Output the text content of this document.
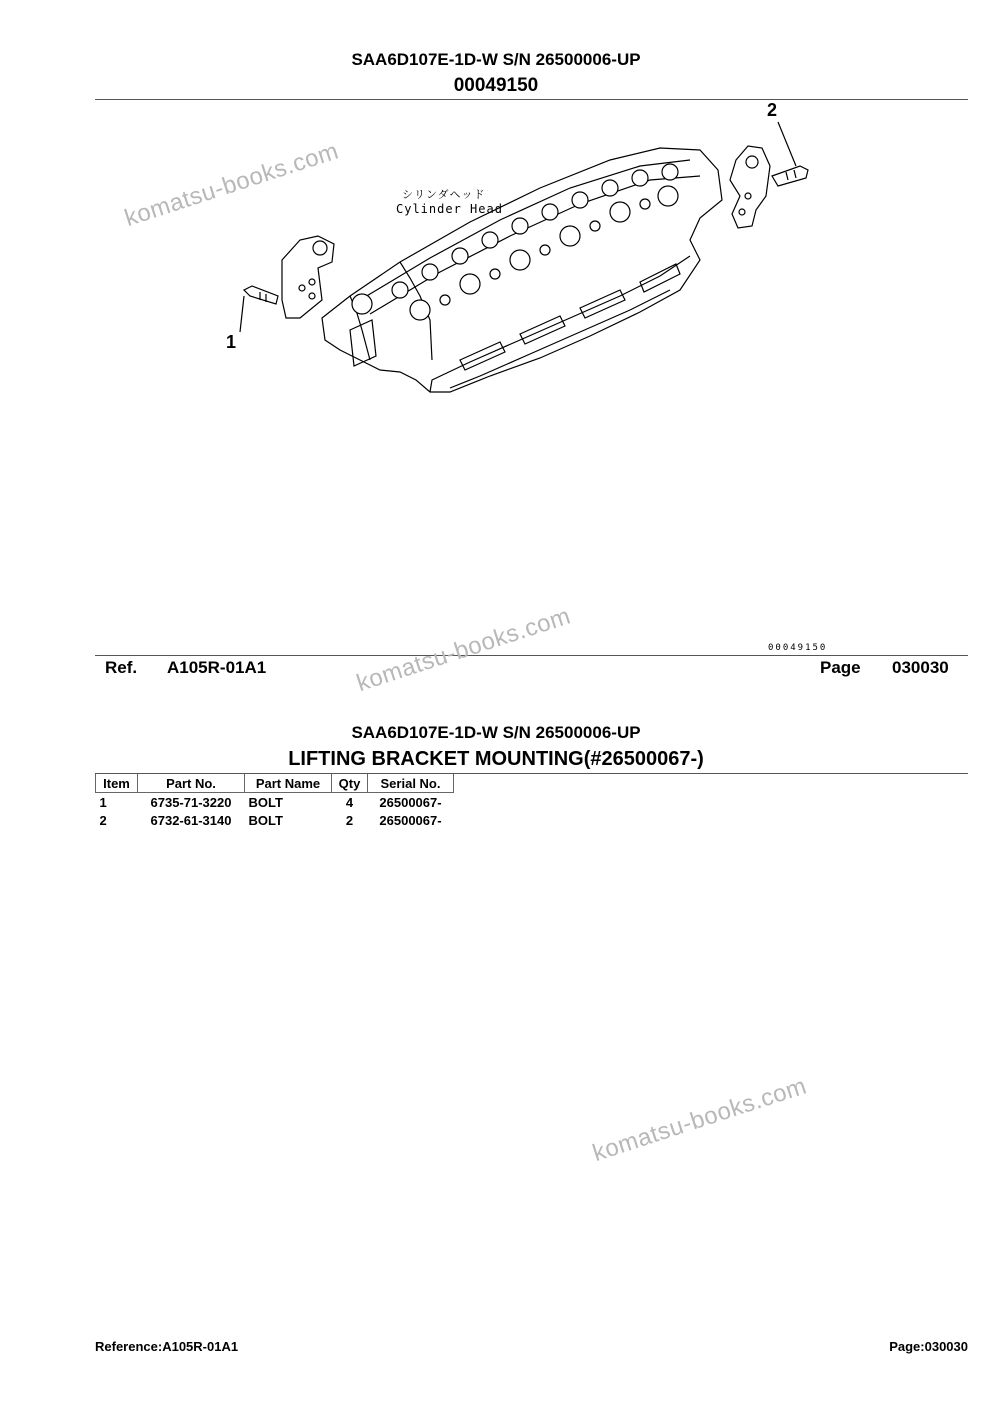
SAA6D107E-1D-W S/N 26500006-UP
00049150
2
1
シリンダヘッド
Cylinder Head
00049150
Ref. A105R-01A1	Page 030030
SAA6D107E-1D-W S/N 26500006-UP
LIFTING BRACKET MOUNTING(#26500067-)
Item	Part No.	Part Name	Qty	Serial No.
1	6735-71-3220	BOLT	4	26500067-
2	6732-61-3140	BOLT	2	26500067-
komatsu-books.com
komatsu-books.com
komatsu-books.com
Reference:A105R-01A1	Page:030030
